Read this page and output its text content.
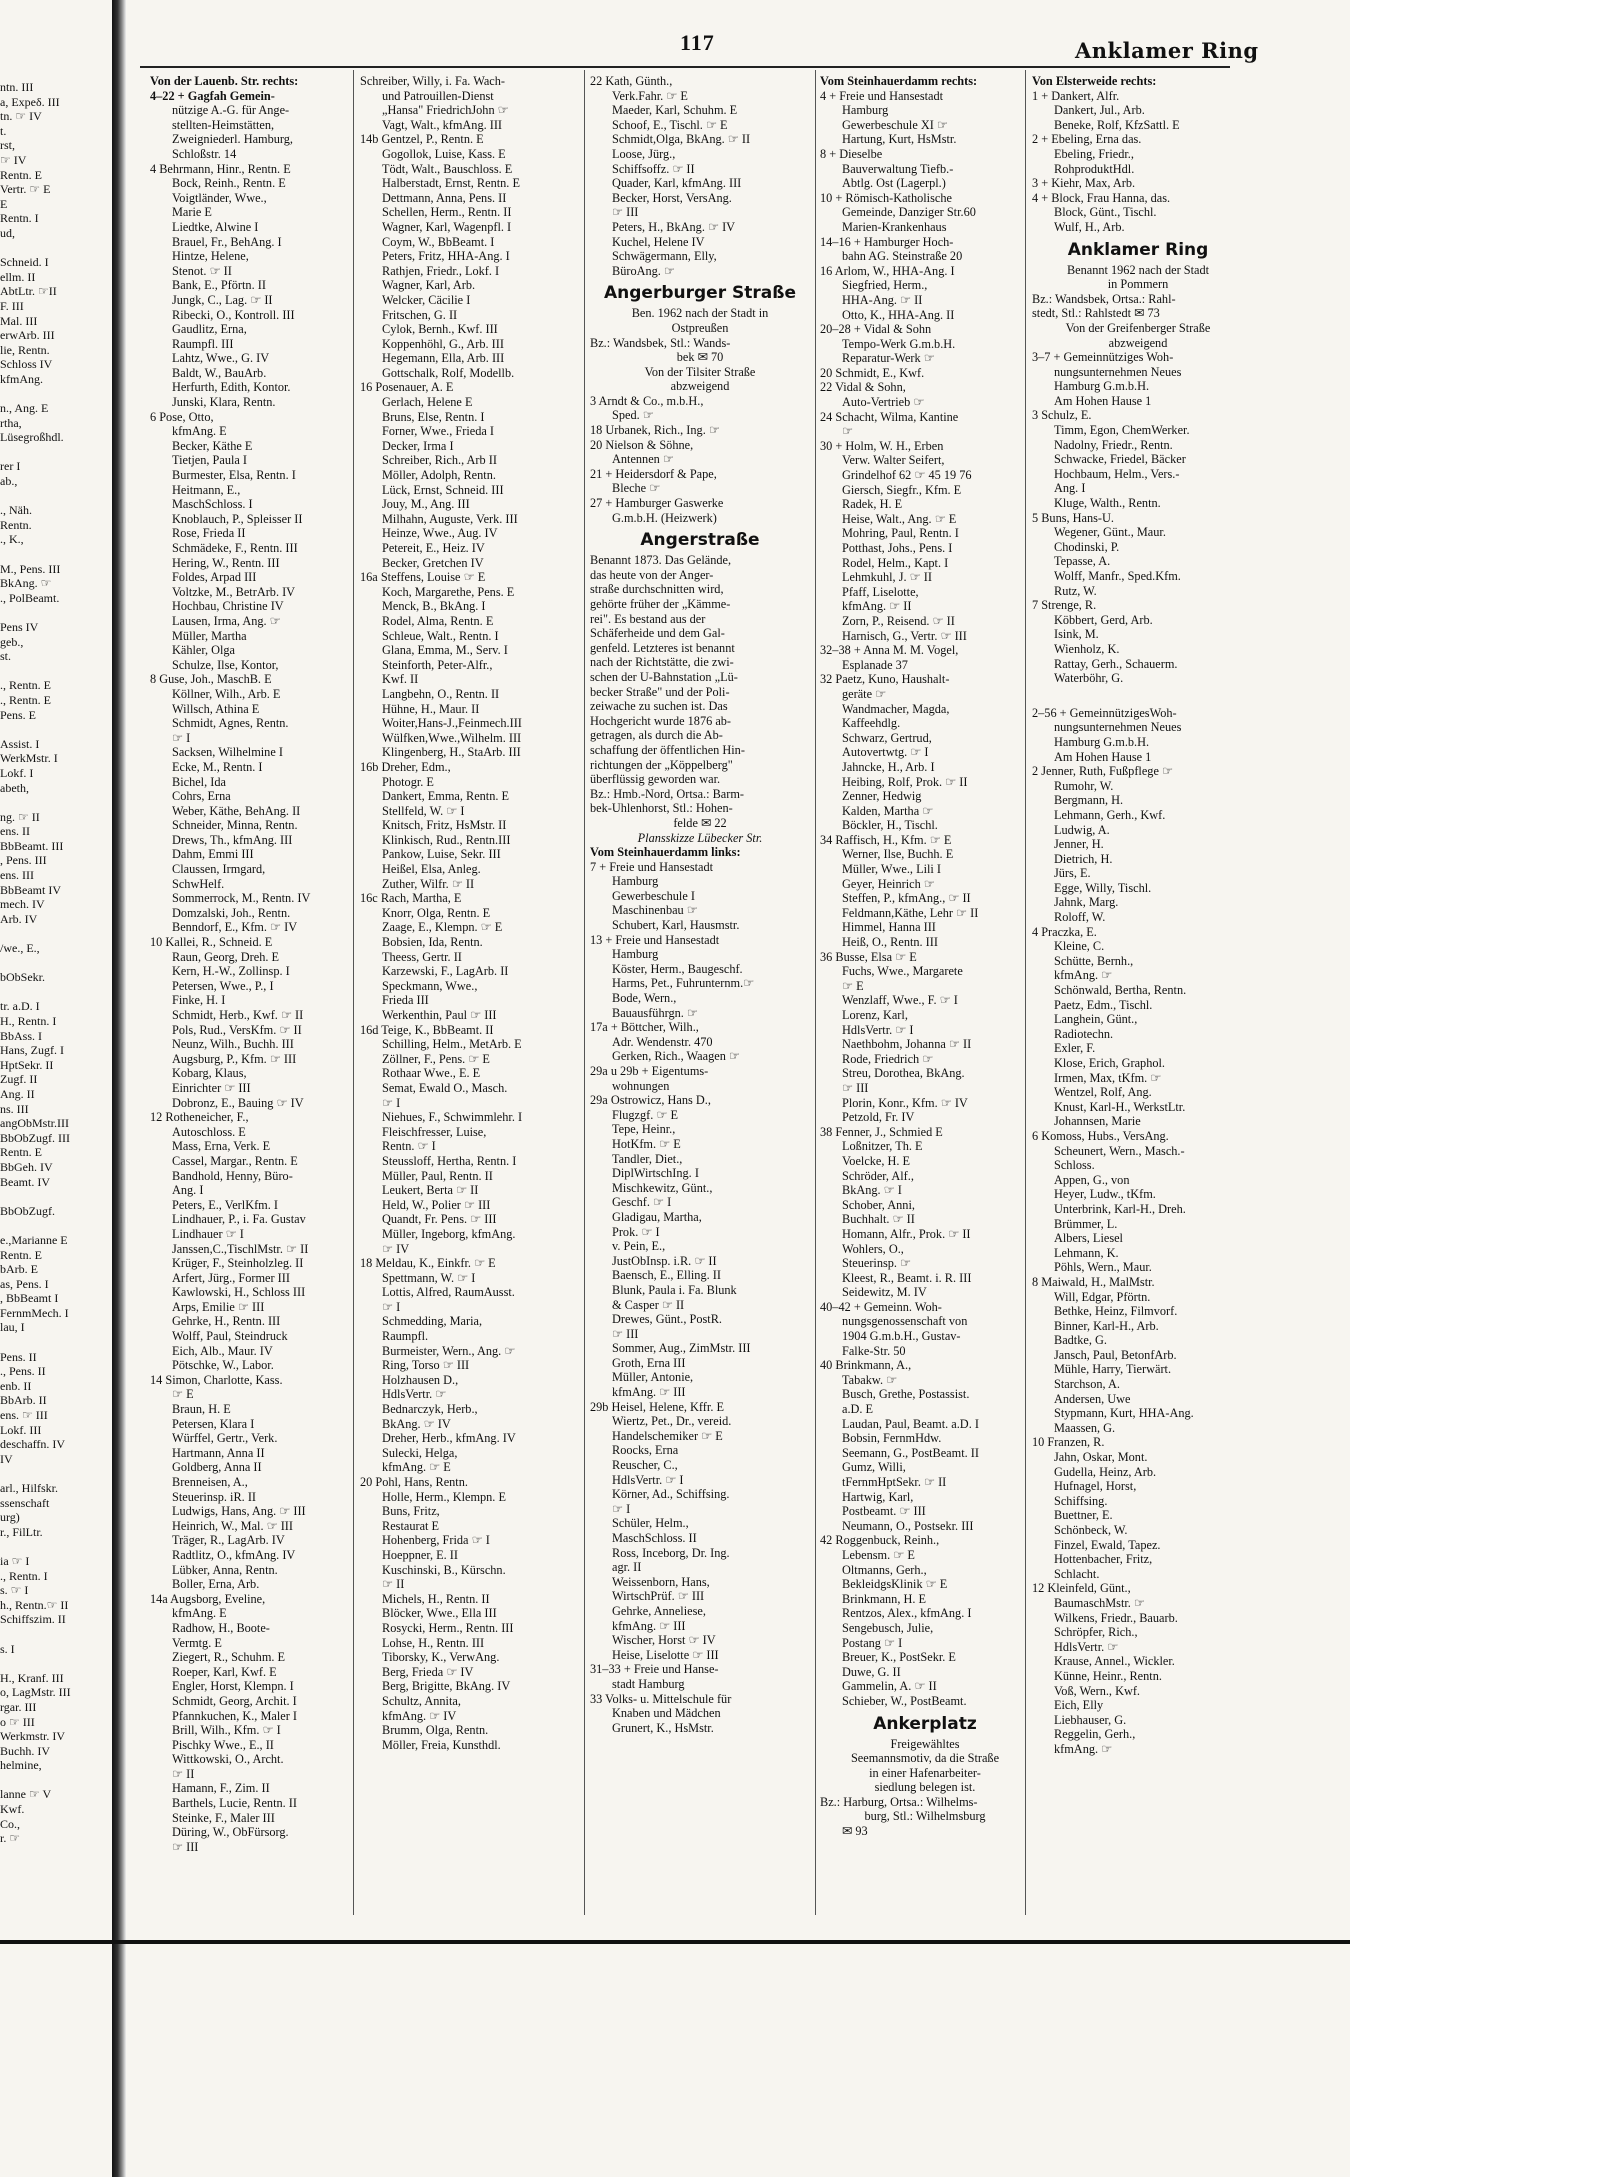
ntn. III
a, Expeδ. III
tn. ☞ IV
t.
rst,
☞ IV
Rentn. E
Vertr. ☞ E
E
Rentn. I
ud,
Schneid. I
ellm. II
AbtLtr. ☞II
F. III
Mal. III
erwArb. III
lie, Rentn.
Schloss IV
kfmAng.
n., Ang. E
rtha,
Lüsegroßhdl.
rer I
ab.,
., Näh.
Rentn.
., K.,
M., Pens. III
BkAng. ☞
., PolBeamt.
Pens IV
geb.,
st.
., Rentn. E
., Rentn. E
Pens. E
Assist. I
WerkMstr. I
Lokf. I
abeth,
ng. ☞ II
ens. II
BbBeamt. III
, Pens. III
ens. III
BbBeamt IV
mech. IV
Arb. IV
/we., E.,
bObSekr.
tr. a.D. I
H., Rentn. I
BbAss. I
Hans, Zugf. I
HptSekr. II
Zugf. II
Ang. II
ns. III
angObMstr.III
BbObZugf. III
Rentn. E
BbGeh. IV
Beamt. IV
BbObZugf.
e.,Marianne E
Rentn. E
bArb. E
as, Pens. I
, BbBeamt I
FernmMech. I
lau, I
Pens. II
., Pens. II
enb. II
BbArb. II
ens. ☞ III
Lokf. III
deschaffn. IV
IV
arl., Hilfskr.
ssenschaft
urg)
r., FilLtr.
ia ☞ I
., Rentn. I
s. ☞ I
h., Rentn.☞ II
Schiffszim. II
s. I
H., Kranf. III
o, LagMstr. III
rgar. III
o ☞ III
Werkmstr. IV
Buchh. IV
helmine,
lanne ☞ V
Kwf.
Co.,
r. ☞
117	Anklamer Ring
Von der Lauenb. Str. rechts:
4–22 + Gagfah Gemein-
nützige A.-G. für Ange-
stellten-Heimstätten,
Zweigniederl. Hamburg,
Schloßstr. 14
4 Behrmann, Hinr., Rentn. E
Bock, Reinh., Rentn. E
Voigtländer, Wwe.,
Marie E
Liedtke, Alwine I
Brauel, Fr., BehAng. I
Hintze, Helene,
Stenot. ☞ II
Bank, E., Pförtn. II
Jungk, C., Lag. ☞ II
Ribecki, O., Kontroll. III
Gaudlitz, Erna,
Raumpfl. III
Lahtz, Wwe., G. IV
Baldt, W., BauArb.
Herfurth, Edith, Kontor.
Junski, Klara, Rentn.
6 Pose, Otto,
kfmAng. E
Becker, Käthe E
Tietjen, Paula I
Burmester, Elsa, Rentn. I
Heitmann, E.,
MaschSchloss. I
Knoblauch, P., Spleisser II
Rose, Frieda II
Schmädeke, F., Rentn. III
Hering, W., Rentn. III
Foldes, Arpad III
Voltzke, M., BetrArb. IV
Hochbau, Christine IV
Lausen, Irma, Ang. ☞
Müller, Martha
Kähler, Olga
Schulze, Ilse, Kontor,
8 Guse, Joh., MaschB. E
Köllner, Wilh., Arb. E
Willsch, Athina E
Schmidt, Agnes, Rentn.
☞ I
Sacksen, Wilhelmine I
Ecke, M., Rentn. I
Bichel, Ida
Cohrs, Erna
Weber, Käthe, BehAng. II
Schneider, Minna, Rentn.
Drews, Th., kfmAng. III
Dahm, Emmi III
Claussen, Irmgard,
SchwHelf.
Sommerrock, M., Rentn. IV
Domzalski, Joh., Rentn.
Benndorf, E., Kfm. ☞ IV
10 Kallei, R., Schneid. E
Raun, Georg, Dreh. E
Kern, H.-W., Zollinsp. I
Petersen, Wwe., P., I
Finke, H. I
Schmidt, Herb., Kwf. ☞ II
Pols, Rud., VersKfm. ☞ II
Neunz, Wilh., Buchh. III
Augsburg, P., Kfm. ☞ III
Kobarg, Klaus,
Einrichter ☞ III
Dobronz, E., Bauing ☞ IV
12 Rotheneicher, F.,
Autoschloss. E
Mass, Erna, Verk. E
Cassel, Margar., Rentn. E
Bandhold, Henny, Büro-
Ang. I
Peters, E., VerlKfm. I
Lindhauer, P., i. Fa. Gustav
Lindhauer ☞ I
Janssen,C.,TischlMstr. ☞ II
Krüger, F., Steinholzleg. II
Arfert, Jürg., Former III
Kawlowski, H., Schloss III
Arps, Emilie ☞ III
Gehrke, H., Rentn. III
Wolff, Paul, Steindruck
Eich, Alb., Maur. IV
Pötschke, W., Labor.
14 Simon, Charlotte, Kass.
☞ E
Braun, H. E
Petersen, Klara I
Würffel, Gertr., Verk.
Hartmann, Anna II
Goldberg, Anna II
Brenneisen, A.,
Steuerinsp. iR. II
Ludwigs, Hans, Ang. ☞ III
Heinrich, W., Mal. ☞ III
Träger, R., LagArb. IV
Radtlitz, O., kfmAng. IV
Lübker, Anna, Rentn.
Boller, Erna, Arb.
14a Augsborg, Eveline,
kfmAng. E
Radhow, H., Boote-
Vermtg. E
Ziegert, R., Schuhm. E
Roeper, Karl, Kwf. E
Engler, Horst, Klempn. I
Schmidt, Georg, Archit. I
Pfannkuchen, K., Maler I
Brill, Wilh., Kfm. ☞ I
Pischky Wwe., E., II
Wittkowski, O., Archt.
☞ II
Hamann, F., Zim. II
Barthels, Lucie, Rentn. II
Steinke, F., Maler III
Düring, W., ObFürsorg.
☞ III
Schreiber, Willy, i. Fa. Wach-
und Patrouillen-Dienst
„Hansa" FriedrichJohn ☞
Vagt, Walt., kfmAng. III
14b Gentzel, P., Rentn. E
Gogollok, Luise, Kass. E
Tödt, Walt., Bauschloss. E
Halberstadt, Ernst, Rentn. E
Dettmann, Anna, Pens. II
Schellen, Herm., Rentn. II
Wagner, Karl, Wagenpfl. I
Coym, W., BbBeamt. I
Peters, Fritz, HHA-Ang. I
Rathjen, Friedr., Lokf. I
Wagner, Karl, Arb.
Welcker, Cäcilie I
Fritschen, G. II
Cylok, Bernh., Kwf. III
Koppenhöhl, G., Arb. III
Hegemann, Ella, Arb. III
Gottschalk, Rolf, Modellb.
16 Posenauer, A. E
Gerlach, Helene E
Bruns, Else, Rentn. I
Forner, Wwe., Frieda I
Decker, Irma I
Schreiber, Rich., Arb II
Möller, Adolph, Rentn.
Lück, Ernst, Schneid. III
Jouy, M., Ang. III
Milhahn, Auguste, Verk. III
Heinze, Wwe., Aug. IV
Petereit, E., Heiz. IV
Becker, Gretchen IV
16a Steffens, Louise ☞ E
Koch, Margarethe, Pens. E
Menck, B., BkAng. I
Rodel, Alma, Rentn. E
Schleue, Walt., Rentn. I
Glana, Emma, M., Serv. I
Steinforth, Peter-Alfr.,
Kwf. II
Langbehn, O., Rentn. II
Hühne, H., Maur. II
Woiter,Hans-J.,Feinmech.III
Wülfken,Wwe.,Wilhelm. III
Klingenberg, H., StaArb. III
16b Dreher, Edm.,
Photogr. E
Dankert, Emma, Rentn. E
Stellfeld, W. ☞ I
Knitsch, Fritz, HsMstr. II
Klinkisch, Rud., Rentn.III
Pankow, Luise, Sekr. III
Heißel, Elsa, Anleg.
Zuther, Wilfr. ☞ II
16c Rach, Martha, E
Knorr, Olga, Rentn. E
Zaage, E., Klempn. ☞ E
Bobsien, Ida, Rentn.
Theess, Gertr. II
Karzewski, F., LagArb. II
Speckmann, Wwe.,
Frieda III
Werkenthin, Paul ☞ III
16d Teige, K., BbBeamt. II
Schilling, Helm., MetArb. E
Zöllner, F., Pens. ☞ E
Rothaar Wwe., E. E
Semat, Ewald O., Masch.
☞ I
Niehues, F., Schwimmlehr. I
Fleischfresser, Luise,
Rentn. ☞ I
Steussloff, Hertha, Rentn. I
Müller, Paul, Rentn. II
Leukert, Berta ☞ II
Held, W., Polier ☞ III
Quandt, Fr. Pens. ☞ III
Müller, Ingeborg, kfmAng.
☞ IV
18 Meldau, K., Einkfr. ☞ E
Spettmann, W. ☞ I
Lottis, Alfred, RaumAusst.
☞ I
Schmedding, Maria,
Raumpfl.
Burmeister, Wern., Ang. ☞
Ring, Torso ☞ III
Holzhausen D.,
HdlsVertr. ☞
Bednarczyk, Herb.,
BkAng. ☞ IV
Dreher, Herb., kfmAng. IV
Sulecki, Helga,
kfmAng. ☞ E
20 Pohl, Hans, Rentn.
Holle, Herm., Klempn. E
Buns, Fritz,
Restaurat E
Hohenberg, Frida ☞ I
Hoeppner, E. II
Kuschinski, B., Kürschn.
☞ II
Michels, H., Rentn. II
Blöcker, Wwe., Ella III
Rosycki, Herm., Rentn. III
Lohse, H., Rentn. III
Tiborsky, K., VerwAng.
Berg, Frieda ☞ IV
Berg, Brigitte, BkAng. IV
Schultz, Annita,
kfmAng. ☞ IV
Brumm, Olga, Rentn.
Möller, Freia, Kunsthdl.
22 Kath, Günth.,
Verk.Fahr. ☞ E
Maeder, Karl, Schuhm. E
Schoof, E., Tischl. ☞ E
Schmidt,Olga, BkAng. ☞ II
Loose, Jürg.,
Schiffsoffz. ☞ II
Quader, Karl, kfmAng. III
Becker, Horst, VersAng.
☞ III
Peters, H., BkAng. ☞ IV
Kuchel, Helene IV
Schwägermann, Elly,
BüroAng. ☞
Angerburger Straße
Ben. 1962 nach der Stadt in
Ostpreußen
Bz.: Wandsbek, Stl.: Wands-
bek ✉ 70
Von der Tilsiter Straße
abzweigend
3 Arndt & Co., m.b.H.,
Sped. ☞
18 Urbanek, Rich., Ing. ☞
20 Nielson & Söhne,
Antennen ☞
21 + Heidersdorf & Pape,
Bleche ☞
27 + Hamburger Gaswerke
G.m.b.H. (Heizwerk)
Angerstraße
Benannt 1873. Das Gelände,
das heute von der Anger-
straße durchschnitten wird,
gehörte früher der „Kämme-
rei". Es bestand aus der
Schäferheide und dem Gal-
genfeld. Letzteres ist benannt
nach der Richtstätte, die zwi-
schen der U-Bahnstation „Lü-
becker Straße" und der Poli-
zeiwache zu suchen ist. Das
Hochgericht wurde 1876 ab-
getragen, als durch die Ab-
schaffung der öffentlichen Hin-
richtungen der „Köppelberg"
überflüssig geworden war.
Bz.: Hmb.-Nord, Ortsa.: Barm-
bek-Uhlenhorst, Stl.: Hohen-
felde ✉ 22
Plansskizze Lübecker Str.
Vom Steinhauerdamm links:
7 + Freie und Hansestadt
Hamburg
Gewerbeschule I
Maschinenbau ☞
Schubert, Karl, Hausmstr.
13 + Freie und Hansestadt
Hamburg
Köster, Herm., Baugeschf.
Harms, Pet., Fuhrunternm.☞
Bode, Wern.,
Bauausführgn. ☞
17a + Böttcher, Wilh.,
Adr. Wendenstr. 470
Gerken, Rich., Waagen ☞
29a u 29b + Eigentums-
wohnungen
29a Ostrowicz, Hans D.,
Flugzgf. ☞ E
Tepe, Heinr.,
HotKfm. ☞ E
Tandler, Diet.,
DiplWirtschIng. I
Mischkewitz, Günt.,
Geschf. ☞ I
Gladigau, Martha,
Prok. ☞ I
v. Pein, E.,
JustObInsp. i.R. ☞ II
Baensch, E., Elling. II
Blunk, Paula i. Fa. Blunk
& Casper ☞ II
Drewes, Günt., PostR.
☞ III
Sommer, Aug., ZimMstr. III
Groth, Erna III
Müller, Antonie,
kfmAng. ☞ III
29b Heisel, Helene, Kffr. E
Wiertz, Pet., Dr., vereid.
Handelschemiker ☞ E
Roocks, Erna
Reuscher, C.,
HdlsVertr. ☞ I
Körner, Ad., Schiffsing.
☞ I
Schüler, Helm.,
MaschSchloss. II
Ross, Inceborg, Dr. Ing.
agr. II
Weissenborn, Hans,
WirtschPrüf. ☞ III
Gehrke, Anneliese,
kfmAng. ☞ III
Wischer, Horst ☞ IV
Heise, Liselotte ☞ III
31–33 + Freie und Hanse-
stadt Hamburg
33 Volks- u. Mittelschule für
Knaben und Mädchen
Grunert, K., HsMstr.
Vom Steinhauerdamm rechts:
4 + Freie und Hansestadt
Hamburg
Gewerbeschule XI ☞
Hartung, Kurt, HsMstr.
8 + Dieselbe
Bauverwaltung Tiefb.-
Abtlg. Ost (Lagerpl.)
10 + Römisch-Katholische
Gemeinde, Danziger Str.60
Marien-Krankenhaus
14–16 + Hamburger Hoch-
bahn AG. Steinstraße 20
16 Arlom, W., HHA-Ang. I
Siegfried, Herm.,
HHA-Ang. ☞ II
Otto, K., HHA-Ang. II
20–28 + Vidal & Sohn
Tempo-Werk G.m.b.H.
Reparatur-Werk ☞
20 Schmidt, E., Kwf.
22 Vidal & Sohn,
Auto-Vertrieb ☞
24 Schacht, Wilma, Kantine
☞
30 + Holm, W. H., Erben
Verw. Walter Seifert,
Grindelhof 62 ☞ 45 19 76
Giersch, Siegfr., Kfm. E
Radek, H. E
Heise, Walt., Ang. ☞ E
Mohring, Paul, Rentn. I
Potthast, Johs., Pens. I
Rodel, Helm., Kapt. I
Lehmkuhl, J. ☞ II
Pfaff, Liselotte,
kfmAng. ☞ II
Zorn, P., Reisend. ☞ II
Harnisch, G., Vertr. ☞ III
32–38 + Anna M. M. Vogel,
Esplanade 37
32 Paetz, Kuno, Haushalt-
geräte ☞
Wandmacher, Magda,
Kaffeehdlg.
Schwarz, Gertrud,
Autovertwtg. ☞ I
Jahncke, H., Arb. I
Heibing, Rolf, Prok. ☞ II
Zenner, Hedwig
Kalden, Martha ☞
Böckler, H., Tischl.
34 Raffisch, H., Kfm. ☞ E
Werner, Ilse, Buchh. E
Müller, Wwe., Lili I
Geyer, Heinrich ☞
Steffen, P., kfmAng., ☞ II
Feldmann,Käthe, Lehr ☞ II
Himmel, Hanna III
Heiß, O., Rentn. III
36 Busse, Elsa ☞ E
Fuchs, Wwe., Margarete
☞ E
Wenzlaff, Wwe., F. ☞ I
Lorenz, Karl,
HdlsVertr. ☞ I
Naethbohm, Johanna ☞ II
Rode, Friedrich ☞
Streu, Dorothea, BkAng.
☞ III
Plorin, Konr., Kfm. ☞ IV
Petzold, Fr. IV
38 Fenner, J., Schmied E
Loßnitzer, Th. E
Voelcke, H. E
Schröder, Alf.,
BkAng. ☞ I
Schober, Anni,
Buchhalt. ☞ II
Homann, Alfr., Prok. ☞ II
Wohlers, O.,
Steuerinsp. ☞
Kleest, R., Beamt. i. R. III
Seidewitz, M. IV
40–42 + Gemeinn. Woh-
nungsgenossenschaft von
1904 G.m.b.H., Gustav-
Falke-Str. 50
40 Brinkmann, A.,
Tabakw. ☞
Busch, Grethe, Postassist.
a.D. E
Laudan, Paul, Beamt. a.D. I
Bobsin, FernmHdw.
Seemann, G., PostBeamt. II
Gumz, Willi,
tFernmHptSekr. ☞ II
Hartwig, Karl,
Postbeamt. ☞ III
Neumann, O., Postsekr. III
42 Roggenbuck, Reinh.,
Lebensm. ☞ E
Oltmanns, Gerh.,
BekleidgsKlinik ☞ E
Brinkmann, H. E
Rentzos, Alex., kfmAng. I
Sengebusch, Julie,
Postang ☞ I
Breuer, K., PostSekr. E
Duwe, G. II
Gammelin, A. ☞ II
Schieber, W., PostBeamt.
Ankerplatz
Freigewähltes
Seemannsmotiv, da die Straße
in einer Hafenarbeiter-
siedlung belegen ist.
Bz.: Harburg, Ortsa.: Wilhelms-
burg, Stl.: Wilhelmsburg
✉ 93
Von Elsterweide rechts:
1 + Dankert, Alfr.
Dankert, Jul., Arb.
Beneke, Rolf, KfzSattl. E
2 + Ebeling, Erna das.
Ebeling, Friedr.,
RohproduktHdl.
3 + Kiehr, Max, Arb.
4 + Block, Frau Hanna, das.
Block, Günt., Tischl.
Wulf, H., Arb.
Anklamer Ring
Benannt 1962 nach der Stadt
in Pommern
Bz.: Wandsbek, Ortsa.: Rahl-
stedt, Stl.: Rahlstedt ✉ 73
Von der Greifenberger Straße
abzweigend
3–7 + Gemeinnütziges Woh-
nungsunternehmen Neues
Hamburg G.m.b.H.
Am Hohen Hause 1
3 Schulz, E.
Timm, Egon, ChemWerker.
Nadolny, Friedr., Rentn.
Schwacke, Friedel, Bäcker
Hochbaum, Helm., Vers.-
Ang. I
Kluge, Walth., Rentn.
5 Buns, Hans-U.
Wegener, Günt., Maur.
Chodinski, P.
Tepasse, A.
Wolff, Manfr., Sped.Kfm.
Rutz, W.
7 Strenge, R.
Köbbert, Gerd, Arb.
Isink, M.
Wienholz, K.
Rattay, Gerh., Schauerm.
Waterböhr, G.
2–56 + GemeinnützigesWoh-
nungsunternehmen Neues
Hamburg G.m.b.H.
Am Hohen Hause 1
2 Jenner, Ruth, Fußpflege ☞
Rumohr, W.
Bergmann, H.
Lehmann, Gerh., Kwf.
Ludwig, A.
Jenner, H.
Dietrich, H.
Jürs, E.
Egge, Willy, Tischl.
Jahnk, Marg.
Roloff, W.
4 Praczka, E.
Kleine, C.
Schütte, Bernh.,
kfmAng. ☞
Schönwald, Bertha, Rentn.
Paetz, Edm., Tischl.
Langhein, Günt.,
Radiotechn.
Exler, F.
Klose, Erich, Graphol.
Irmen, Max, tKfm. ☞
Wentzel, Rolf, Ang.
Knust, Karl-H., WerkstLtr.
Johannsen, Marie
6 Komoss, Hubs., VersAng.
Scheunert, Wern., Masch.-
Schloss.
Appen, G., von
Heyer, Ludw., tKfm.
Unterbrink, Karl-H., Dreh.
Brümmer, L.
Albers, Liesel
Lehmann, K.
Pöhls, Wern., Maur.
8 Maiwald, H., MalMstr.
Will, Edgar, Pförtn.
Bethke, Heinz, Filmvorf.
Binner, Karl-H., Arb.
Badtke, G.
Jansch, Paul, BetonfArb.
Mühle, Harry, Tierwärt.
Starchson, A.
Andersen, Uwe
Stypmann, Kurt, HHA-Ang.
Maassen, G.
10 Franzen, R.
Jahn, Oskar, Mont.
Gudella, Heinz, Arb.
Hufnagel, Horst,
Schiffsing.
Buettner, E.
Schönbeck, W.
Finzel, Ewald, Tapez.
Hottenbacher, Fritz,
Schlacht.
12 Kleinfeld, Günt.,
BaumaschMstr. ☞
Wilkens, Friedr., Bauarb.
Schröpfer, Rich.,
HdlsVertr. ☞
Krause, Annel., Wickler.
Künne, Heinr., Rentn.
Voß, Wern., Kwf.
Eich, Elly
Liebhauser, G.
Reggelin, Gerh.,
kfmAng. ☞
